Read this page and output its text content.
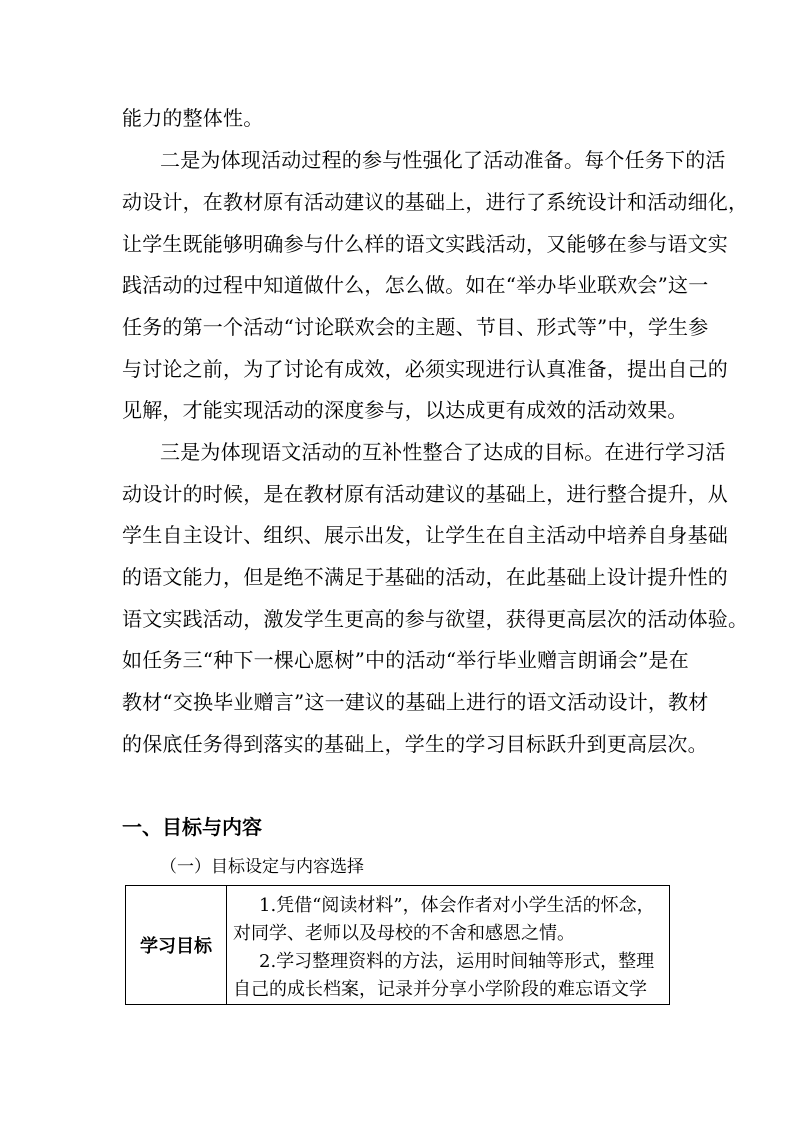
能力的整体性。
二是为体现活动过程的参与性强化了活动准备。每个任务下的活
动设计，在教材原有活动建议的基础上，进行了系统设计和活动细化，
让学生既能够明确参与什么样的语文实践活动，又能够在参与语文实
践活动的过程中知道做什么，怎么做。如在“举办毕业联欢会”这一
任务的第一个活动“讨论联欢会的主题、节目、形式等”中，学生参
与讨论之前，为了讨论有成效，必须实现进行认真准备，提出自己的
见解，才能实现活动的深度参与，以达成更有成效的活动效果。
三是为体现语文活动的互补性整合了达成的目标。在进行学习活
动设计的时候，是在教材原有活动建议的基础上，进行整合提升，从
学生自主设计、组织、展示出发，让学生在自主活动中培养自身基础
的语文能力，但是绝不满足于基础的活动，在此基础上设计提升性的
语文实践活动，激发学生更高的参与欲望，获得更高层次的活动体验。
如任务三“种下一棵心愿树”中的活动“举行毕业赠言朗诵会”是在
教材“交换毕业赠言”这一建议的基础上进行的语文活动设计，教材
的保底任务得到落实的基础上，学生的学习目标跃升到更高层次。
一、目标与内容
（一）目标设定与内容选择
学习目标	
1.凭借“阅读材料”，体会作者对小学生活的怀念，
对同学、老师以及母校的不舍和感恩之情。
2.学习整理资料的方法，运用时间轴等形式，整理
自己的成长档案，记录并分享小学阶段的难忘语文学
